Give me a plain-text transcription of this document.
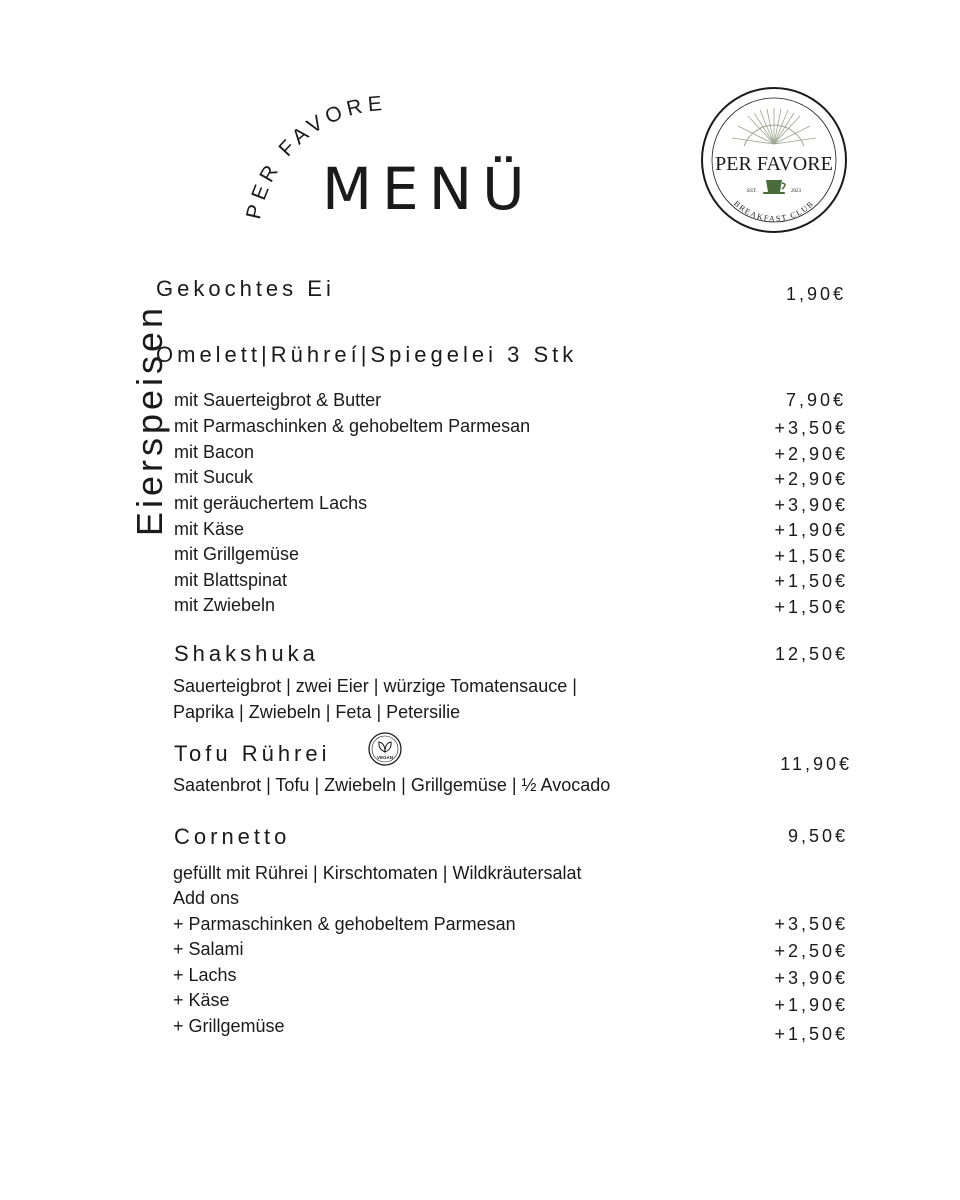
PER FAVORE
MENÜ	PER FAVORE
EST.	2023
BREAKFAST CLUB
Eierspeisen
Gekochtes Ei	1,90€
Omelett|Rühreí|Spiegelei 3 Stk
mit Sauerteigbrot & Butter	7,90€
mit Parmaschinken & gehobeltem Parmesan	+3,50€
mit Bacon	+2,90€
mit Sucuk	+2,90€
mit geräuchertem Lachs	+3,90€
mit Käse	+1,90€
mit Grillgemüse	+1,50€
mit Blattspinat	+1,50€
mit Zwiebeln	+1,50€
Shakshuka	12,50€
Sauerteigbrot | zwei Eier | würzige Tomatensauce |
Paprika | Zwiebeln | Feta | Petersilie
Tofu Rührei	VEGAN	11,90€
Saatenbrot | Tofu | Zwiebeln | Grillgemüse | ½ Avocado
Cornetto	9,50€
gefüllt mit Rührei | Kirschtomaten | Wildkräutersalat
Add ons
+ Parmaschinken & gehobeltem Parmesan	+3,50€
+ Salami	+2,50€
+ Lachs	+3,90€
+ Käse	+1,90€
+ Grillgemüse	+1,50€
